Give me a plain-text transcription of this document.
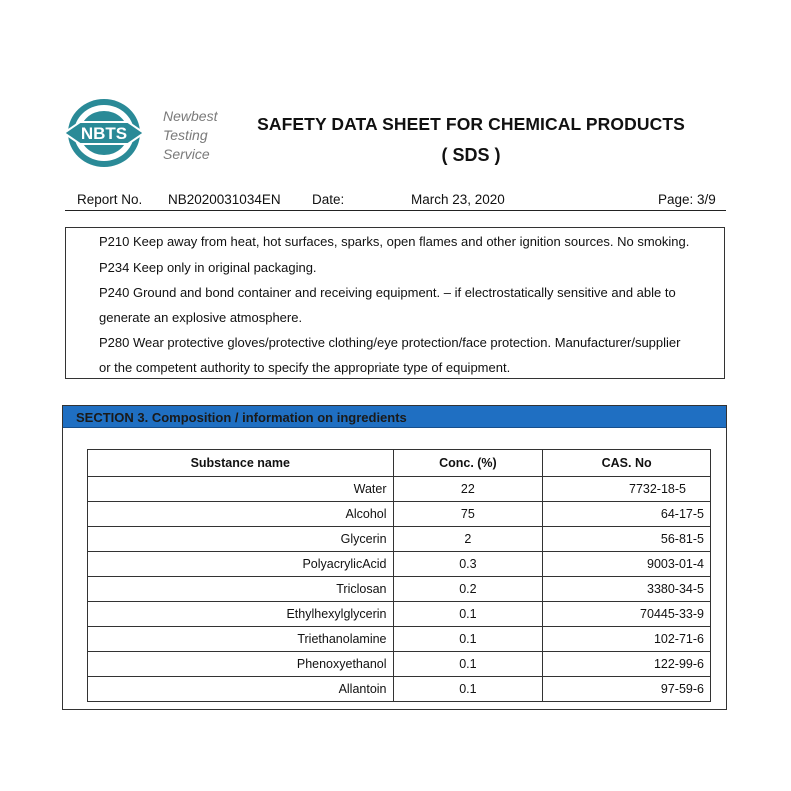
NBTS
Newbest
Testing
Service
SAFETY DATA SHEET FOR CHEMICAL PRODUCTS
( SDS )
Report No. NB2020031034EN Date:	March 23, 2020	Page: 3/9
P210 Keep away from heat, hot surfaces, sparks, open flames and other ignition sources. No smoking.
P234 Keep only in original packaging.
P240 Ground and bond container and receiving equipment. – if electrostatically sensitive and able to
generate an explosive atmosphere.
P280 Wear protective gloves/protective clothing/eye protection/face protection. Manufacturer/supplier
or the competent authority to specify the appropriate type of equipment.
SECTION 3. Composition / information on ingredients
Substance name	Conc. (%)	CAS. No
Water	22	7732-18-5
Alcohol	75	64-17-5
Glycerin	2	56-81-5
PolyacrylicAcid	0.3	9003-01-4
Triclosan	0.2	3380-34-5
Ethylhexylglycerin	0.1	70445-33-9
Triethanolamine	0.1	102-71-6
Phenoxyethanol	0.1	122-99-6
Allantoin	0.1	97-59-6
